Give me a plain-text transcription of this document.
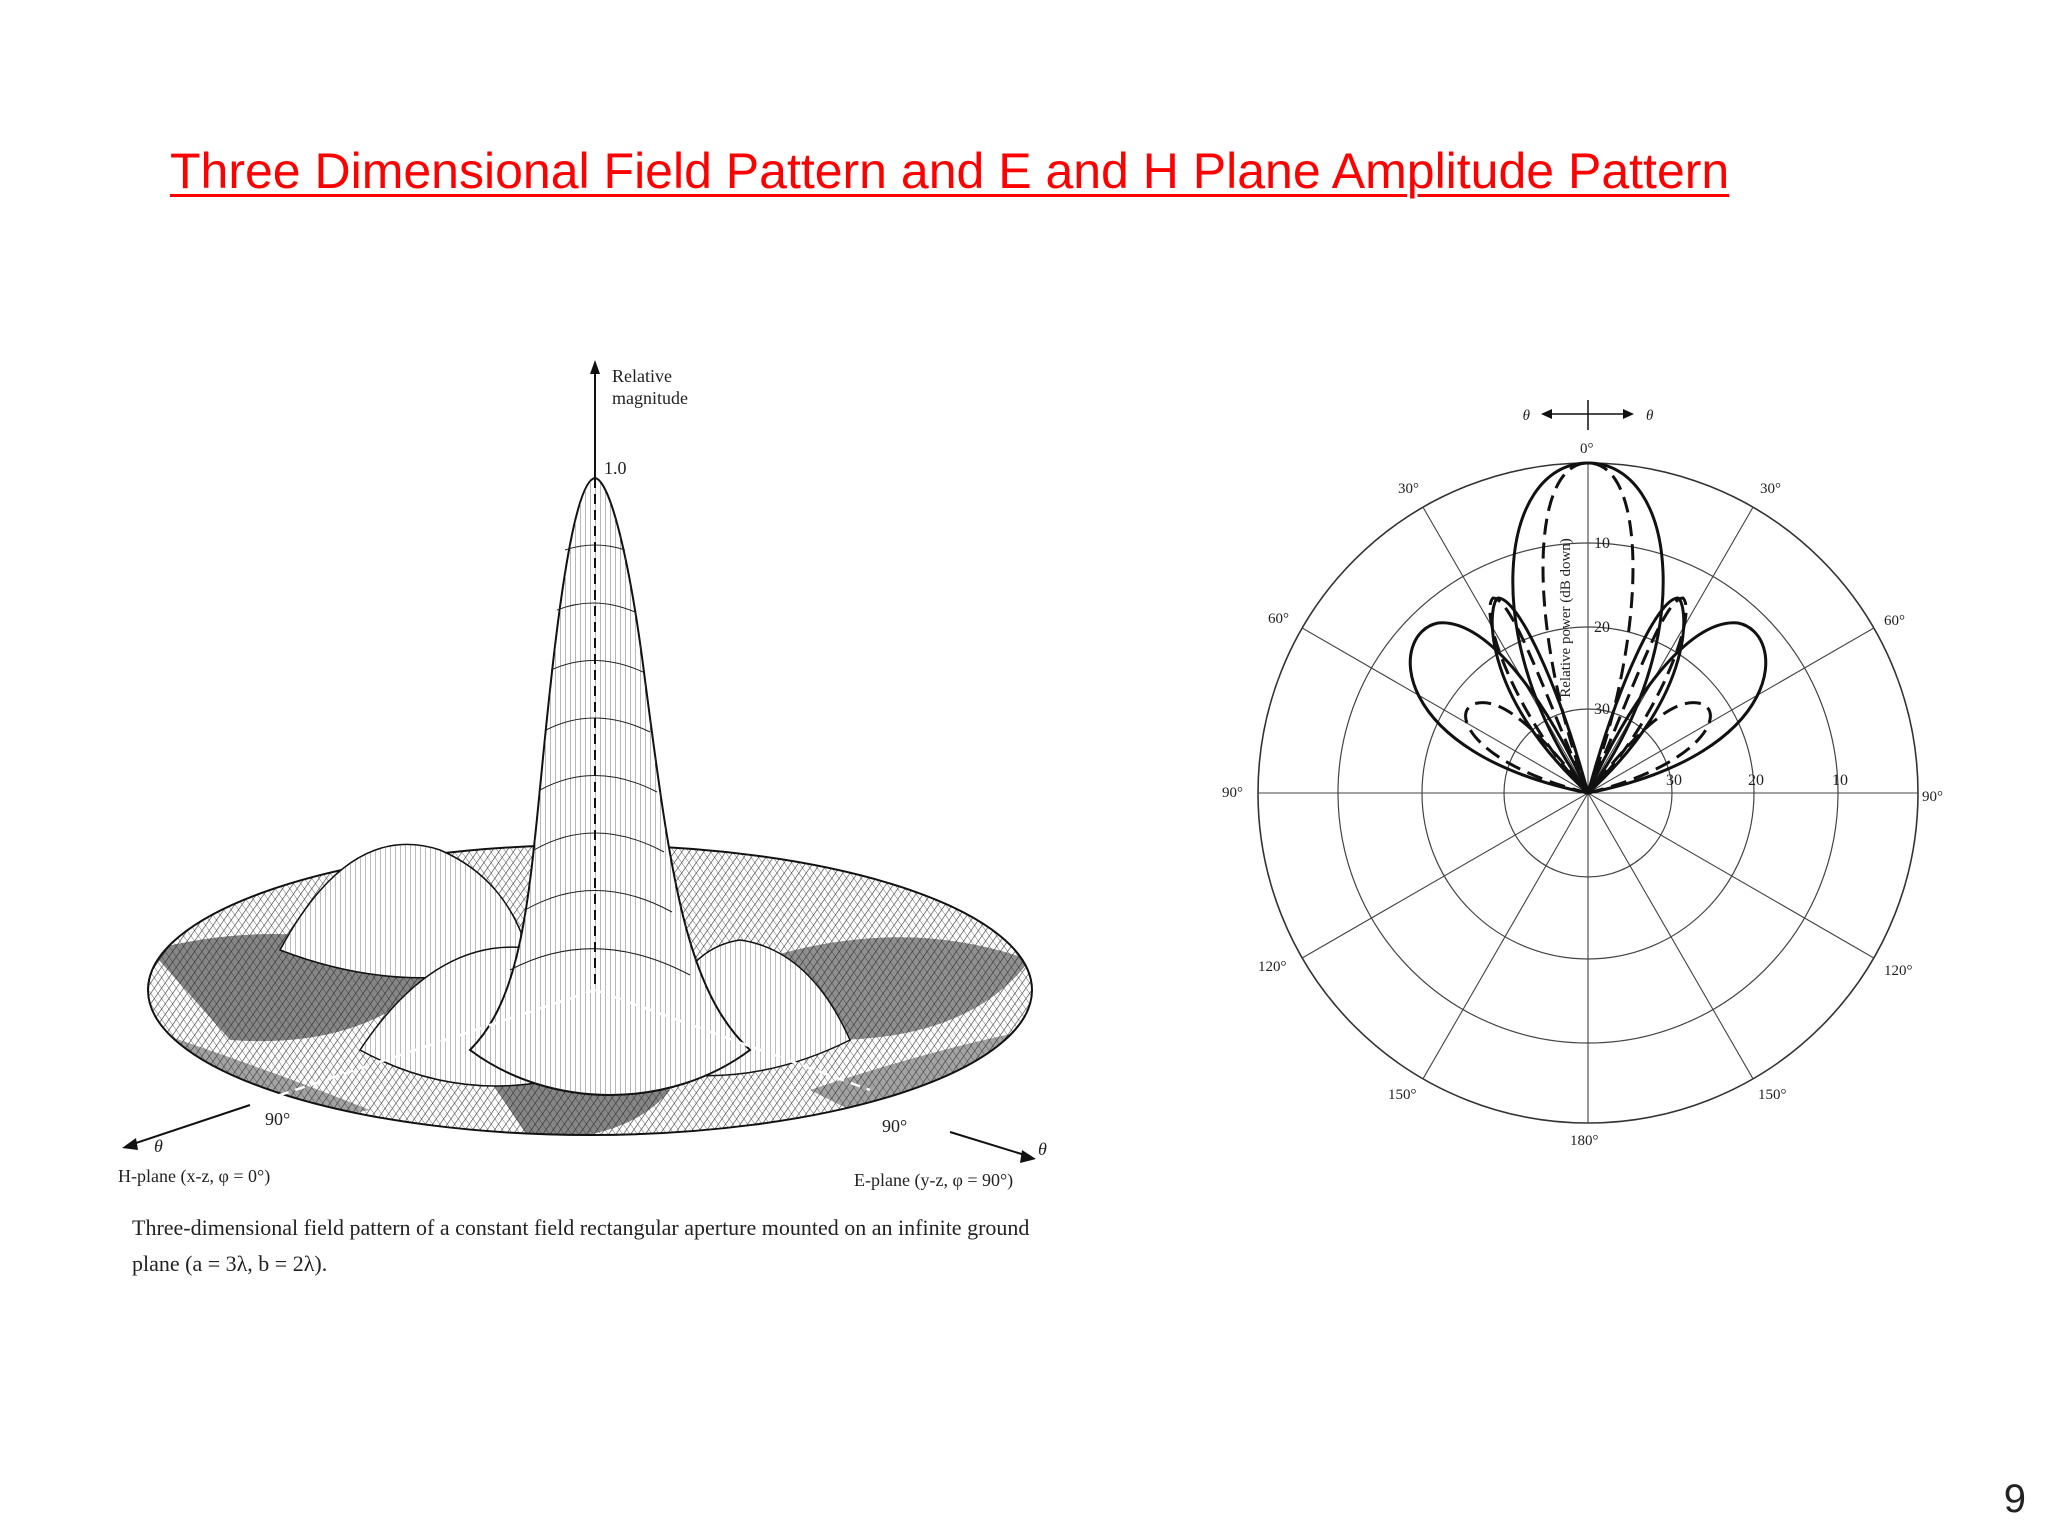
Three Dimensional Field Pattern and E and H Plane Amplitude Pattern
Relative
magnitude
1.0
90°	90°
θ	θ
H-plane (x-z, φ = 0°)	E-plane (y-z, φ = 90°)

Three-dimensional field pattern of a constant field rectangular aperture mounted on an infinite ground plane (a = 3λ, b = 2λ).

Relative power (dB down) 10
20
30
30	20	10
0°
30°	30°
60°	60°
90°	90°
120°	120°
150°	150°
180°
θ	θ
9
